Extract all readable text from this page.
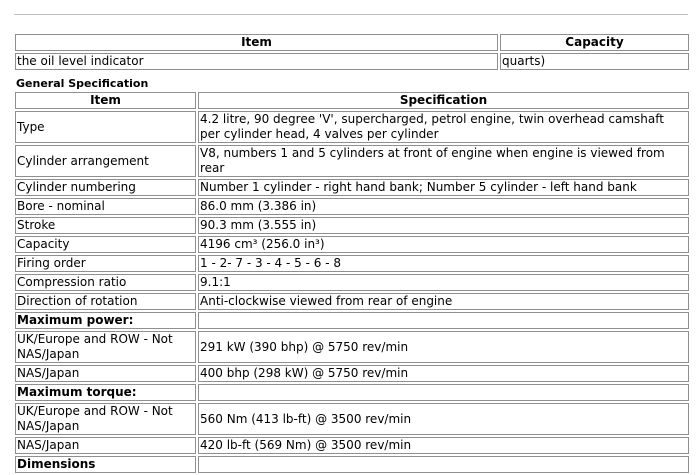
Item	Capacity
the oil level indicator	quarts)
General Specification
Item	Specification
Type	4.2 litre, 90 degree 'V', supercharged, petrol engine, twin overhead camshaft per cylinder head, 4 valves per cylinder
Cylinder arrangement	V8, numbers 1 and 5 cylinders at front of engine when engine is viewed from rear
Cylinder numbering	Number 1 cylinder - right hand bank; Number 5 cylinder - left hand bank
Bore - nominal	86.0 mm (3.386 in)
Stroke	90.3 mm (3.555 in)
Capacity	4196 cm³ (256.0 in³)
Firing order	1 - 2- 7 - 3 - 4 - 5 - 6 - 8
Compression ratio	9.1:1
Direction of rotation	Anti-clockwise viewed from rear of engine
Maximum power:	
UK/Europe and ROW - Not NAS/Japan	291 kW (390 bhp) @ 5750 rev/min
NAS/Japan	400 bhp (298 kW) @ 5750 rev/min
Maximum torque:	
UK/Europe and ROW - Not NAS/Japan	560 Nm (413 lb-ft) @ 3500 rev/min
NAS/Japan	420 lb-ft (569 Nm) @ 3500 rev/min
Dimensions	
